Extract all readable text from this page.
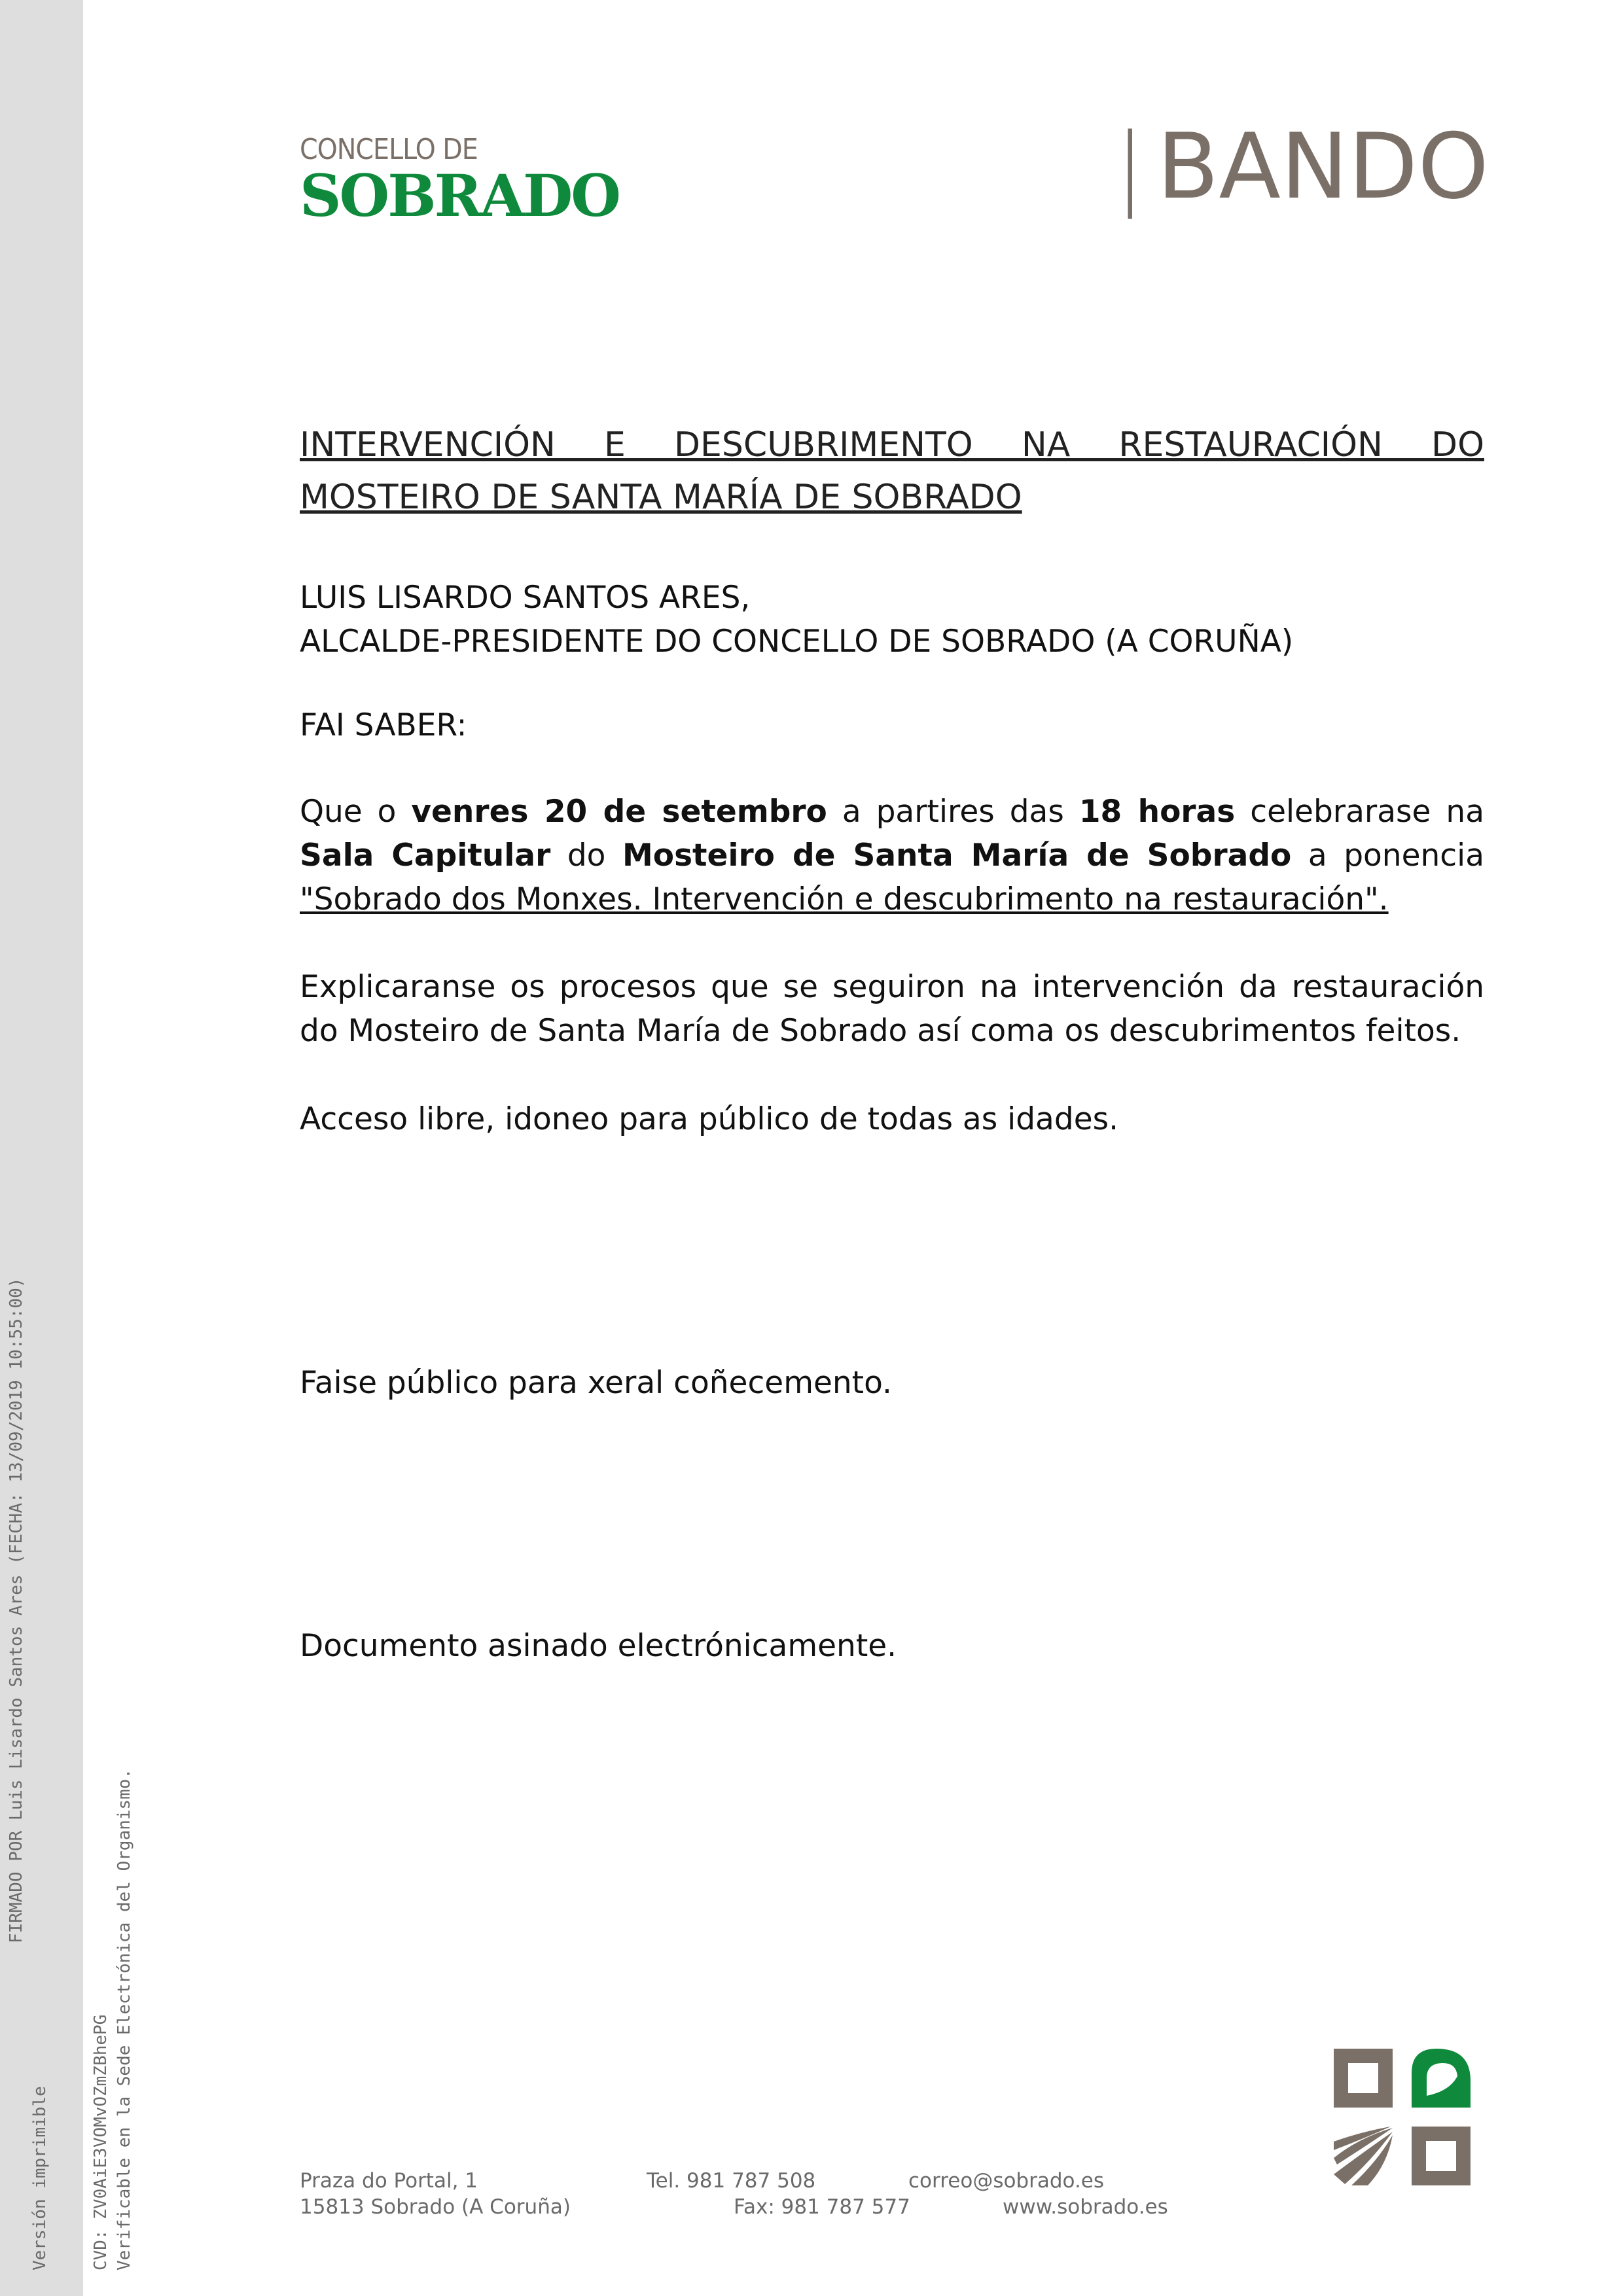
FIRMADO POR Luis Lisardo Santos Ares (FECHA: 13/09/2019 10:55:00)
Versión imprimible CVD: ZV0AiE3VOMvOZmZBhePG Verificable en la Sede Electrónica del Organismo.
CONCELLO DE
SOBRADO	| BANDO
INTERVENCIÓN E DESCUBRIMENTO NA RESTAURACIÓN DO MOSTEIRO DE SANTA MARÍA DE SOBRADO

LUIS LISARDO SANTOS ARES,

ALCALDE-PRESIDENTE DO CONCELLO DE SOBRADO (A CORUÑA)

FAI SABER:
Que o venres 20 de setembro a partires das 18 horas celebrarase na Sala Capitular do Mosteiro de Santa María de Sobrado a ponencia "Sobrado dos Monxes. Intervención e descubrimento na restauración".
Explicaranse os procesos que se seguiron na intervención da restauración do Mosteiro de Santa María de Sobrado así coma os descubrimentos feitos.
Acceso libre, idoneo para público de todas as idades.
Faise público para xeral coñecemento.
Documento asinado electrónicamente.
Praza do Portal, 1
15813 Sobrado (A Coruña)
Tel. 981 787 508
Fax: 981 787 577
correo@sobrado.es
www.sobrado.es
